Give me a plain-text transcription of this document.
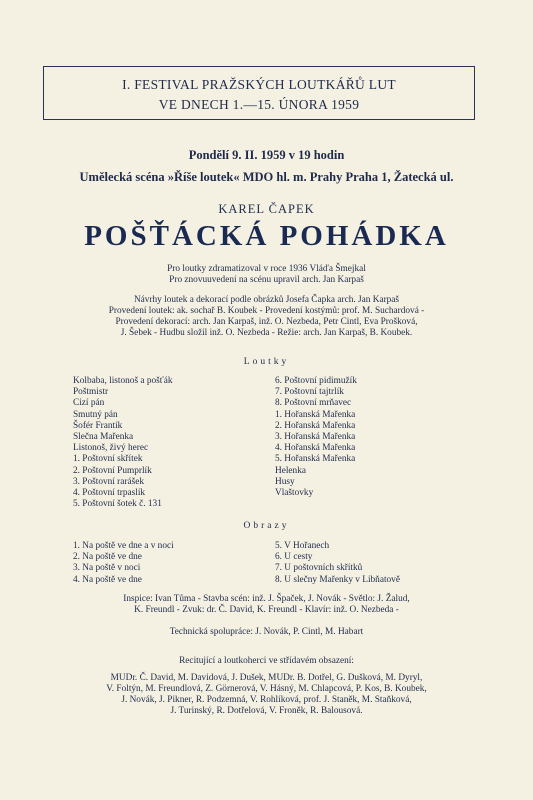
I. FESTIVAL PRAŽSKÝCH LOUTKÁŘŮ LUT
VE DNECH 1.—15. ÚNORA 1959
Pondělí 9. II. 1959 v 19 hodin
Umělecká scéna »Říše loutek« MDO hl. m. Prahy Praha 1, Žatecká ul.
KAREL ČAPEK
POŠŤÁCKÁ POHÁDKA
Pro loutky zdramatizoval v roce 1936 Vláďa Šmejkal
Pro znovuuvedení na scénu upravil arch. Jan Karpaš
Návrhy loutek a dekorací podle obrázků Josefa Čapka arch. Jan Karpaš
Provedení loutek: ak. sochař B. Koubek - Provedení kostýmů: prof. M. Suchardová -
Provedení dekorací: arch. Jan Karpaš, inž. O. Nezbeda, Petr Cintl, Eva Prošková,
J. Šebek - Hudbu složil inž. O. Nezbeda - Režie: arch. Jan Karpaš, B. Koubek.
Loutky
Kolbaba, listonoš a pošťák
Poštmistr
Cizí pán
Smutný pán
Šofér Frantík
Slečna Mařenka
Listonoš, živý herec
1. Poštovní skřítek
2. Poštovní Pumprlík
3. Poštovní rarášek
4. Poštovní trpaslík
5. Poštovní šotek č. 131
6. Poštovní pidimužík
7. Poštovní tajtrlík
8. Poštovní mrňavec
1. Hořanská Mařenka
2. Hořanská Mařenka
3. Hořanská Mařenka
4. Hořanská Mařenka
5. Hořanská Mařenka
Helenka
Husy
Vlaštovky
Obrazy
1. Na poště ve dne a v noci
2. Na poště ve dne
3. Na poště v noci
4. Na poště ve dne
5. V Hořanech
6. U cesty
7. U poštovních skřítků
8. U slečny Mařenky v Libňatově
Inspice: Ivan Tůma - Stavba scén: inž. J. Špaček, J. Novák - Světlo: J. Žalud,
K. Freundl - Zvuk: dr. Č. David, K. Freundl - Klavír: inž. O. Nezbeda -
Technická spolupráce: J. Novák, P. Cintl, M. Habart
Recitující a loutkoherci ve střídavém obsazení:
MUDr. Č. David, M. Davidová, J. Dušek, MUDr. B. Dotřel, G. Dušková, M. Dyryl,
V. Foltýn, M. Freundlová, Z. Görnerová, V. Hásný, M. Chlapcová, P. Kos, B. Koubek,
J. Novák, J. Pikner, R. Podzemná, V. Rohlíková, prof. J. Staněk, M. Staňková,
J. Turinský, R. Dotřelová, V. Froněk, R. Balousová.
